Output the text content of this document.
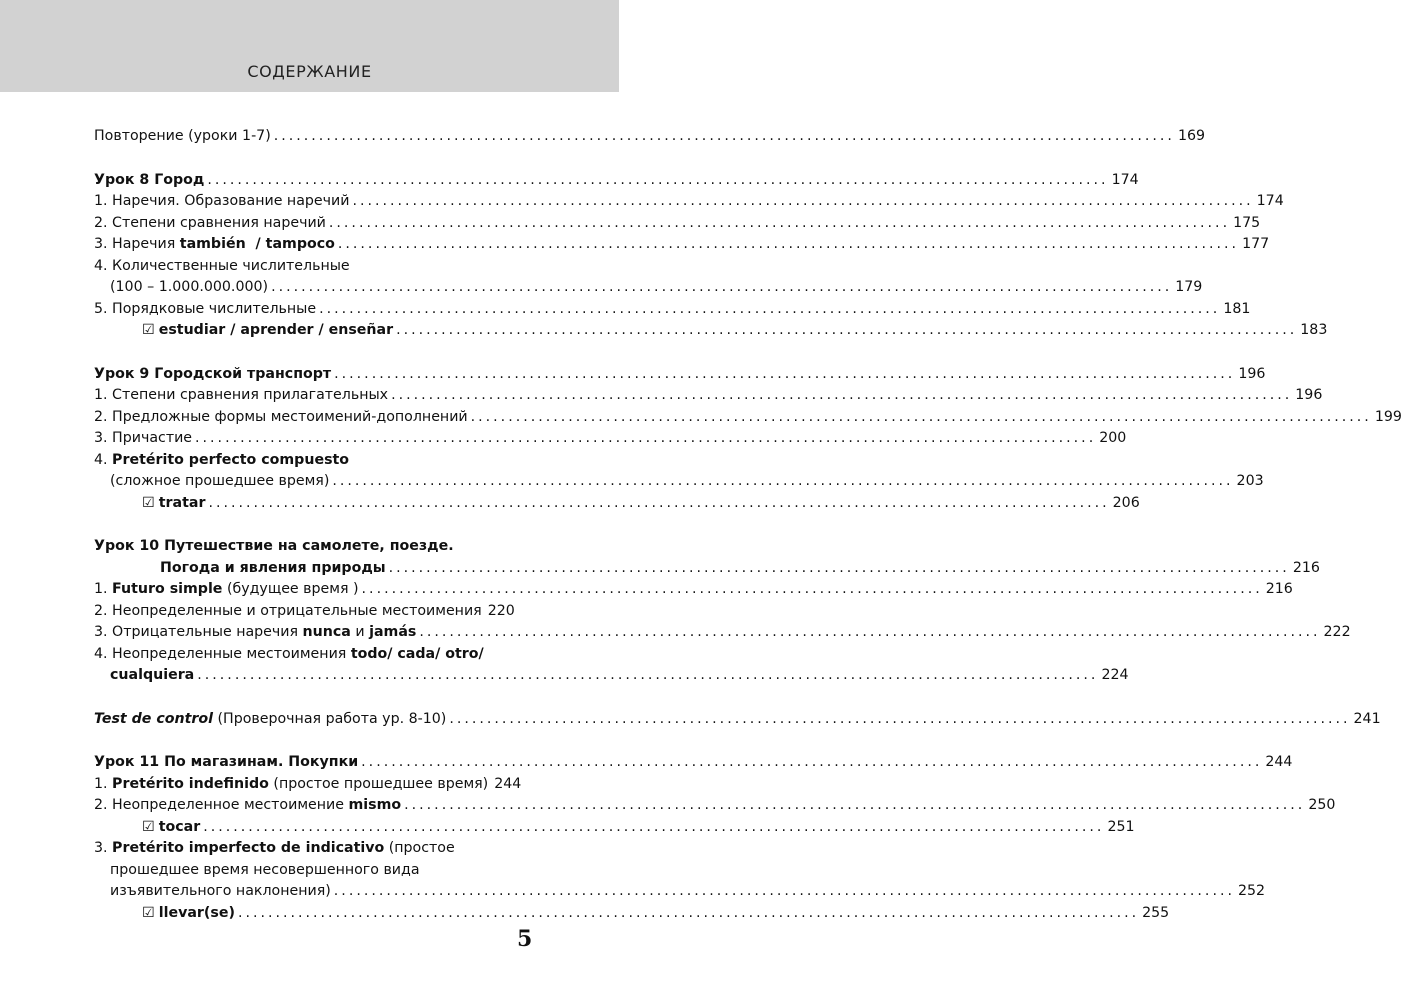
СОДЕРЖАНИЕ
Повторение (уроки 1-7) ........................................................................................................................ 169
Урок 8 Город ........................................................................................................................ 174
1. Наречия. Образование наречий ........................................................................................................................ 174
2. Степени сравнения наречий ........................................................................................................................ 175
3. Наречия también  / tampoco ........................................................................................................................ 177
4. Количественные числительные
(100 – 1.000.000.000) ........................................................................................................................ 179
5. Порядковые числительные ........................................................................................................................ 181
☑ estudiar / aprender / enseñar ........................................................................................................................ 183
Урок 9 Городской транспорт ........................................................................................................................ 196
1. Степени сравнения прилагательных ........................................................................................................................ 196
2. Предложные формы местоимений-дополнений ........................................................................................................................ 199
3. Причастие ........................................................................................................................ 200
4. Pretérito perfecto compuesto
(сложное прошедшее время) ........................................................................................................................ 203
☑ tratar ........................................................................................................................ 206
Урок 10 Путешествие на самолете, поезде.
Погода и явления природы ........................................................................................................................ 216
1. Futuro simple (будущее время ) ........................................................................................................................ 216
2. Неопределенные и отрицательные местоимения 220
3. Отрицательные наречия nunca и jamás ........................................................................................................................ 222
4. Неопределенные местоимения todo/ cada/ otro/
cualquiera ........................................................................................................................ 224
Test de control (Проверочная работа ур. 8-10) ........................................................................................................................ 241
Урок 11 По магазинам. Покупки ........................................................................................................................ 244
1. Pretérito indefinido (простое прошедшее время) 244
2. Неопределенное местоимение mismo ........................................................................................................................ 250
☑ tocar ........................................................................................................................ 251
3. Pretérito imperfecto de indicativo (простое
прошедшее время несовершенного вида
изъявительного наклонения) ........................................................................................................................ 252
☑ llevar(se) ........................................................................................................................ 255
5
